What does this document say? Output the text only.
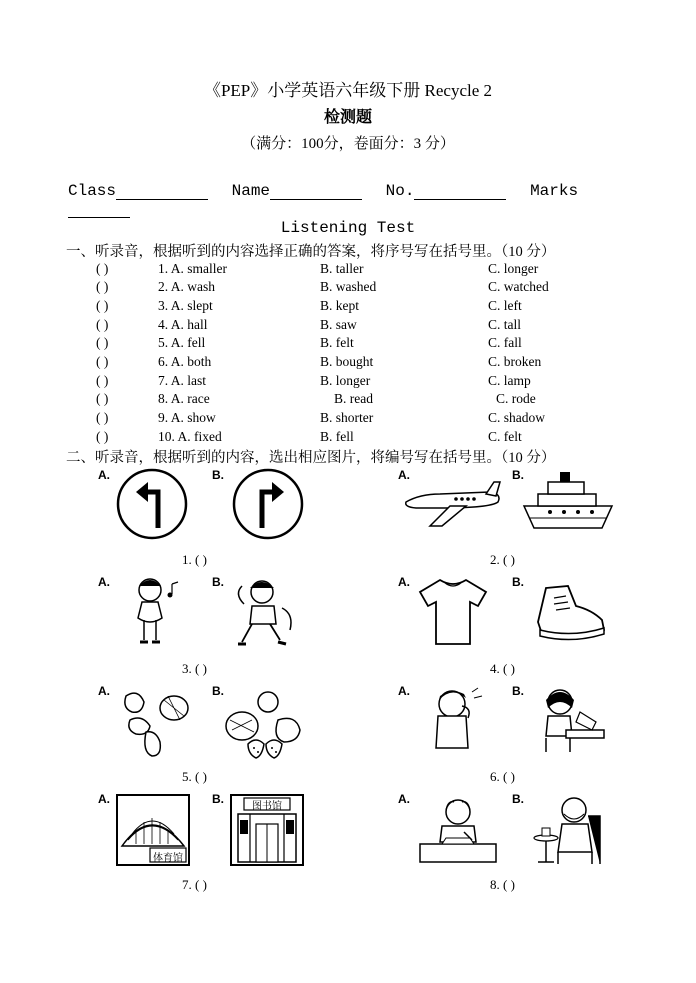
《PEP》小学英语六年级下册 Recycle 2
检测题
（满分：100分，卷面分：3 分）
Class	Name	No.	Marks
Listening Test
一、听录音，根据听到的内容选择正确的答案，将序号写在括号里。（10 分）
( )	1. A. smaller	B. taller	C. longer
( )	2. A. wash	B. washed	C. watched
( )	3. A. slept	B. kept	C. left
( )	4. A. hall	B. saw	C. tall
( )	5. A. fell	B. felt	C. fall
( )	6. A. both	B. bought	C. broken
( )	7. A. last	B. longer	C. lamp
( )	8. A. race	B. read	C. rode
( )	9. A. show	B. shorter	C. shadow
( )	10. A. fixed	B. fell	C. felt
二、听录音，根据听到的内容，选出相应图片，将编号写在括号里。（10 分）
A.	B.
1. ( )
A.	B.
2. ( )
A.	B.
3. ( )
A.	B.
4. ( )
A.	B.
5. ( )
A.	B.
6. ( )
A.	B.
体育馆
图书馆
7. ( )
A.	B.
8. ( )
